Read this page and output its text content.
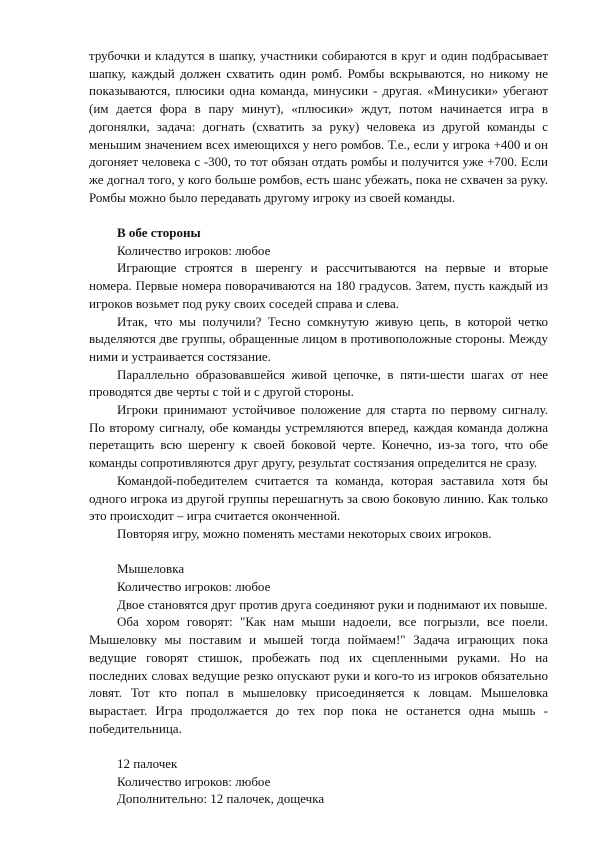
трубочки и кладутся в шапку, участники собираются в круг и один подбрасывает шапку, каждый должен схватить один ромб. Ромбы вскрываются, но никому не показываются, плюсики одна команда, минусики - другая. «Минусики» убегают (им дается фора в пару минут), «плюсики» ждут, потом начинается игра в догонялки, задача: догнать (схватить за руку) человека из другой команды с меньшим значением всех имеющихся у него ромбов. Т.е., если у игрока +400 и он догоняет человека с -300, то тот обязан отдать ромбы и получится уже +700. Если же догнал того, у кого больше ромбов, есть шанс убежать, пока не схвачен за руку. Ромбы можно было передавать другому игроку из своей команды.

В обе стороны

Количество игроков: любое

Играющие строятся в шеренгу и рассчитываются на первые и вторые номера. Первые номера поворачиваются на 180 градусов. Затем, пусть каждый из игроков возьмет под руку своих соседей справа и слева.

Итак, что мы получили? Тесно сомкнутую живую цепь, в которой четко выделяются две группы, обращенные лицом в противоположные стороны. Между ними и устраивается состязание.

Параллельно образовавшейся живой цепочке, в пяти-шести шагах от нее проводятся две черты с той и с другой стороны.

Игроки принимают устойчивое положение для старта по первому сигналу. По второму сигналу, обе команды устремляются вперед, каждая команда должна перетащить всю шеренгу к своей боковой черте. Конечно, из-за того, что обе команды сопротивляются друг другу, результат состязания определится не сразу.

Командой-победителем считается та команда, которая заставила хотя бы одного игрока из другой группы перешагнуть за свою боковую линию. Как только это происходит – игра считается оконченной.

Повторяя игру, можно поменять местами некоторых своих игроков.

Мышеловка

Количество игроков: любое

Двое становятся друг против друга соединяют руки и поднимают их повыше.

Оба хором говорят: "Как нам мыши надоели, все погрызли, все поели. Мышеловку мы поставим и мышей тогда поймаем!" Задача играющих пока ведущие говорят стишок, пробежать под их сцепленными руками. Но на последних словах ведущие резко опускают руки и кого-то из игроков обязательно ловят. Тот кто попал в мышеловку присоединяется к ловцам. Мышеловка вырастает. Игра продолжается до тех пор пока не останется одна мышь - победительница.

12 палочек

Количество игроков: любое

Дополнительно: 12 палочек, дощечка
